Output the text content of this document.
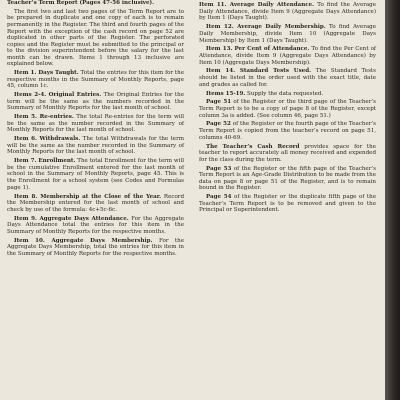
Teacher’s Term Report (Pages 47-56 inclusive).

The first two and last two pages of the Term Report are to be prepared in duplicate and one copy of each is to remain permanently in the Register. The third and fourth pages of the Report with the exception of the cash record on page 52 are duplicated in other parts of the Register. The perforated copies and the Register must be submitted to the principal or to the division superintendent before the salary for the last month can be drawn. Items 1 through 13 inclusive are explained below.

Item 1. Days Taught. Total the entries for this item for the respective months in the Summary of Monthly Reports, page 45, column 1c.

Items 2-4. Original Entries. The Original Entries for the term will be the same as the numbers recorded in the Summary of Monthly Reports for the last month of school.

Item 5. Re-entries. The total Re-entries for the term will be the same as the number recorded in the Summary of Monthly Reports for the last month of school.

Item 6. Withdrawals. The total Withdrawals for the term will be the same as the number recorded in the Summary of Monthly Reports for the last month of school.

Item 7. Enrollment. The total Enrollment for the term will be the cumulative Enrollment entered for the last month of school in the Summary of Monthly Reports, page 45. This is the Enrollment for a school system (see Codes and Formulas page 1).

Item 8. Membership at the Close of the Year. Record the Membership entered for the last month of school and check by use of the formula: 4c+5c-6c.

Item 9. Aggregate Days Attendance. For the Aggregate Days Attendance total the entries for this item in the Summary of Monthly Reports for the respective months.

Item 10. Aggregate Days Membership. For the Aggregate Days Membership, total the entries for this item in the Summary of Monthly Reports for the respective months.

Item 11. Average Daily Attendance. To find the Average Daily Attendance, divide Item 9 (Aggregate Days Attendance) by Item 1 (Days Taught).

Item 12. Average Daily Membership. To find Average Daily Membership, divide Item 10 (Aggregate Days Membership) by Item 1 (Days Taught).

Item 13. Per Cent of Attendance. To find the Per Cent of Attendance, divide Item 9 (Aggregate Days Attendance) by Item 10 (Aggregate Days Membership).

Item 14. Standard Tests Used. The Standard Tests should be listed in the order used with the exact title, date and grades as called for.

Items 15-19. Supply the data requested.

Page 51 of the Register or the third page of the Teacher’s Term Report is to be a copy of page 8 of the Register, except column 3a is added. (See column 46, page 51.)

Page 52 of the Register or the fourth page of the Teacher’s Term Report is copied from the teacher’s record on page 51, columns 40-69.

The Teacher’s Cash Record provides space for the teacher to report accurately all money received and expended for the class during the term.

Page 53 of the Register or the fifth page of the Teacher’s Term Report is an Age-Grade Distribution to be made from the data on page 8 or page 51 of the Register, and is to remain bound in the Register.

Page 54 of the Register or the duplicate fifth page of the Teacher’s Term Report is to be removed and given to the Principal or Superintendent.
